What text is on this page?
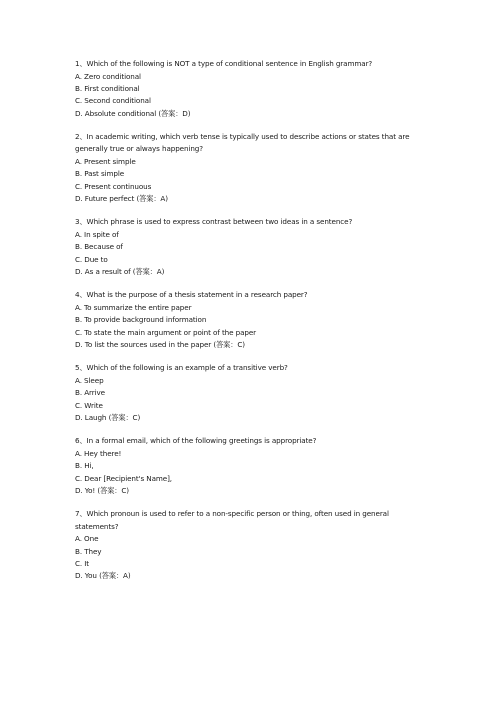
1、Which of the following is NOT a type of conditional sentence in English grammar?

A. Zero conditional

B. First conditional

C. Second conditional

D. Absolute conditional (答案：D)

2、In academic writing, which verb tense is typically used to describe actions or states that are generally true or always happening?

A. Present simple

B. Past simple

C. Present continuous

D. Future perfect (答案：A)

3、Which phrase is used to express contrast between two ideas in a sentence?

A. In spite of

B. Because of

C. Due to

D. As a result of (答案：A)

4、What is the purpose of a thesis statement in a research paper?

A. To summarize the entire paper

B. To provide background information

C. To state the main argument or point of the paper

D. To list the sources used in the paper (答案：C)

5、Which of the following is an example of a transitive verb?

A. Sleep

B. Arrive

C. Write

D. Laugh (答案：C)

6、In a formal email, which of the following greetings is appropriate?

A. Hey there!

B. Hi,

C. Dear [Recipient's Name],

D. Yo! (答案：C)

7、Which pronoun is used to refer to a non-specific person or thing, often used in general statements?

A. One

B. They

C. It

D. You (答案：A)
